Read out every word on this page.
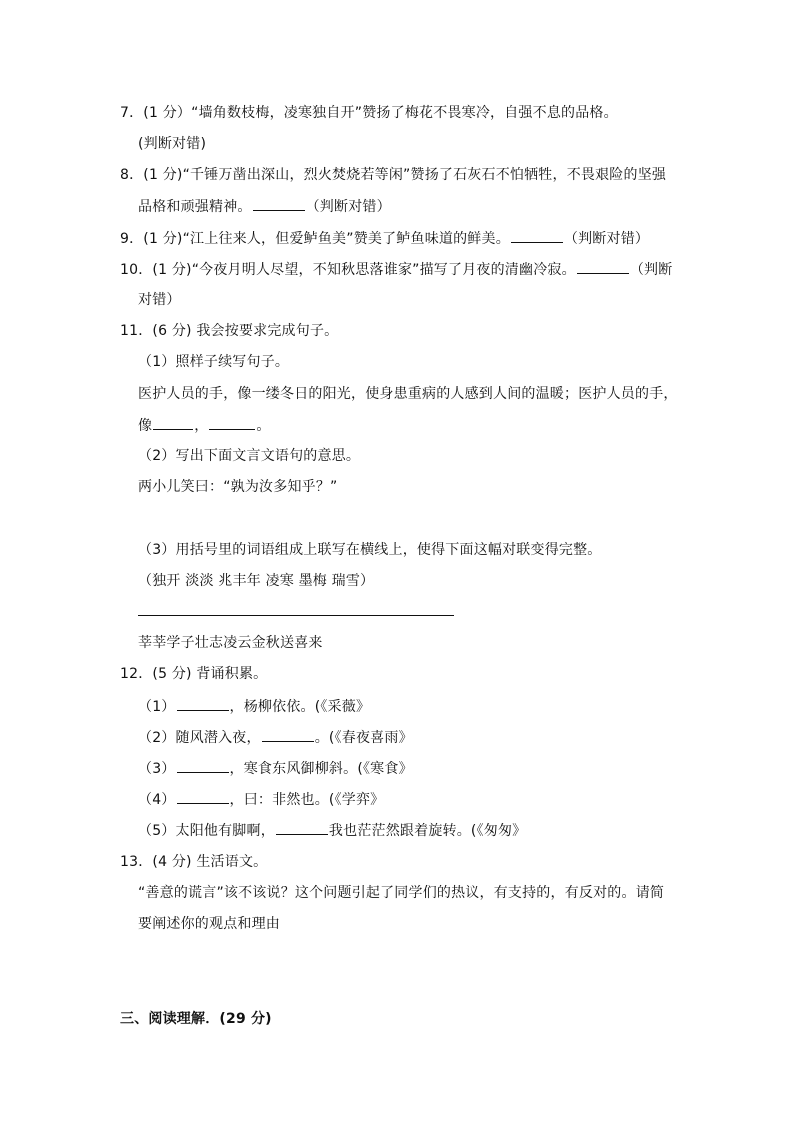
7．(1 分）“墙角数枝梅，凌寒独自开”赞扬了梅花不畏寒冷，自强不息的品格。
(判断对错)
8．(1 分)“千锤万凿出深山，烈火焚烧若等闲”赞扬了石灰石不怕牺牲，不畏艰险的坚强
品格和顽强精神。	（判断对错）
9．(1 分)“江上往来人，但爱鲈鱼美”赞美了鲈鱼味道的鲜美。	（判断对错）
10．(1 分)“今夜月明人尽望，不知秋思落谁家”描写了月夜的清幽冷寂。	（判断
对错）
11．(6 分) 我会按要求完成句子。
（1）照样子续写句子。
医护人员的手，像一缕冬日的阳光，使身患重病的人感到人间的温暖；医护人员的手，
像	，	。
（2）写出下面文言文语句的意思。
两小儿笑曰：“孰为汝多知乎？”
（3）用括号里的词语组成上联写在横线上，使得下面这幅对联变得完整。
（独开 淡淡 兆丰年 凌寒 墨梅 瑞雪）
莘莘学子壮志凌云金秋送喜来
12．(5 分) 背诵积累。
（1）	，杨柳依依。(《采薇》
（2）随风潜入夜，	。(《春夜喜雨》
（3）	，寒食东风御柳斜。(《寒食》
（4）	，曰：非然也。(《学弈》
（5）太阳他有脚啊，	我也茫茫然跟着旋转。(《匆匆》
13．(4 分) 生活语文。
“善意的谎言”该不该说？这个问题引起了同学们的热议，有支持的，有反对的。请简
要阐述你的观点和理由
三、阅读理解．(29 分)
